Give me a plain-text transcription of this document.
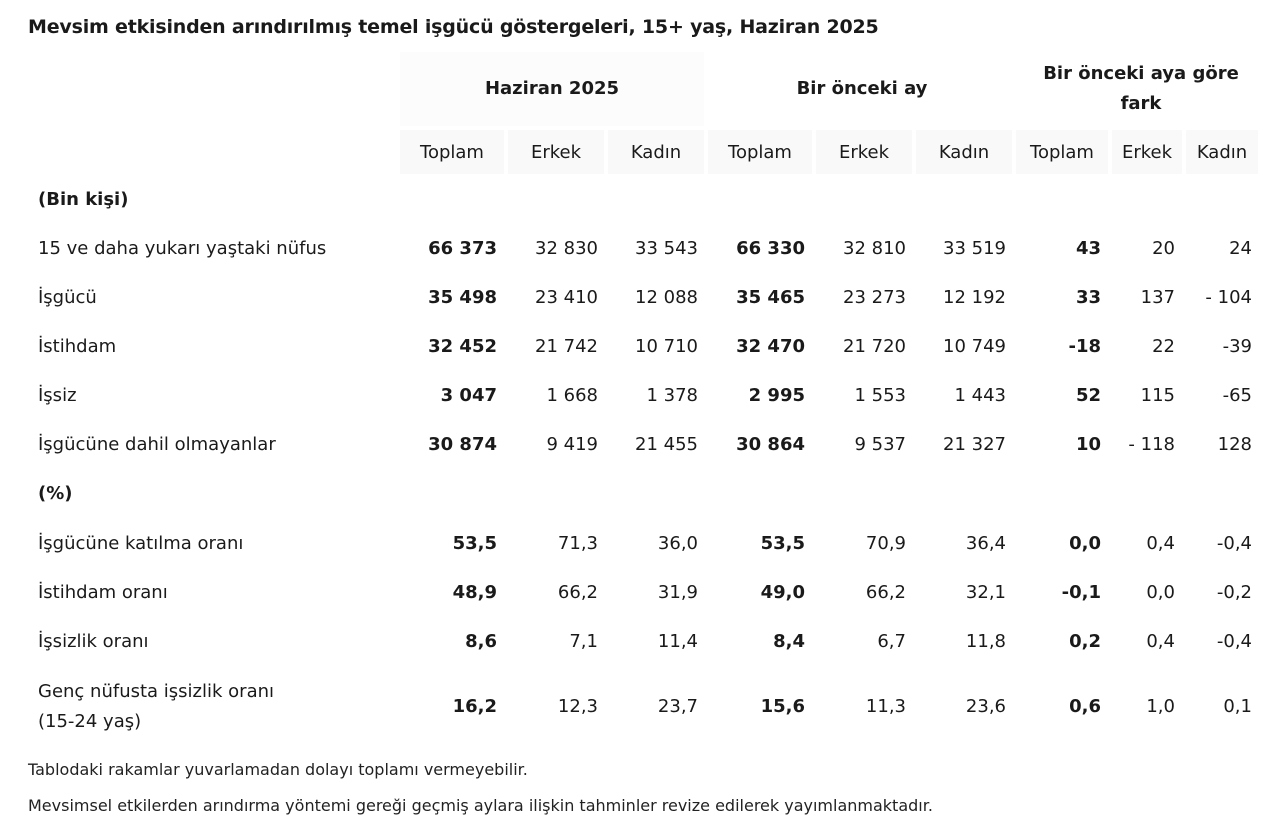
Mevsim etkisinden arındırılmış temel işgücü göstergeleri, 15+ yaş, Haziran 2025
Haziran 2025	Bir önceki ay
Bir önceki aya göre
fark
Toplam	Erkek	Kadın	Toplam	Erkek	Kadın	Toplam	Erkek	Kadın
(Bin kişi)
15 ve daha yukarı yaştaki nüfus	66 373	32 830	33 543	66 330	32 810	33 519	43	20	24
İşgücü	35 498	23 410	12 088	35 465	23 273	12 192	33	137	- 104
İstihdam	32 452	21 742	10 710	32 470	21 720	10 749	-18	22	-39
İşsiz	3 047	1 668	1 378	2 995	1 553	1 443	52	115	-65
İşgücüne dahil olmayanlar	30 874	9 419	21 455	30 864	9 537	21 327	10	- 118	128
(%)
İşgücüne katılma oranı	53,5	71,3	36,0	53,5	70,9	36,4	0,0	0,4	-0,4
İstihdam oranı	48,9	66,2	31,9	49,0	66,2	32,1	-0,1	0,0	-0,2
İşsizlik oranı	8,6	7,1	11,4	8,4	6,7	11,8	0,2	0,4	-0,4
Genç nüfusta işsizlik oranı
(15-24 yaş)
16,2	12,3	23,7	15,6	11,3	23,6	0,6	1,0	0,1
Tablodaki rakamlar yuvarlamadan dolayı toplamı vermeyebilir.
Mevsimsel etkilerden arındırma yöntemi gereği geçmiş aylara ilişkin tahminler revize edilerek yayımlanmaktadır.
